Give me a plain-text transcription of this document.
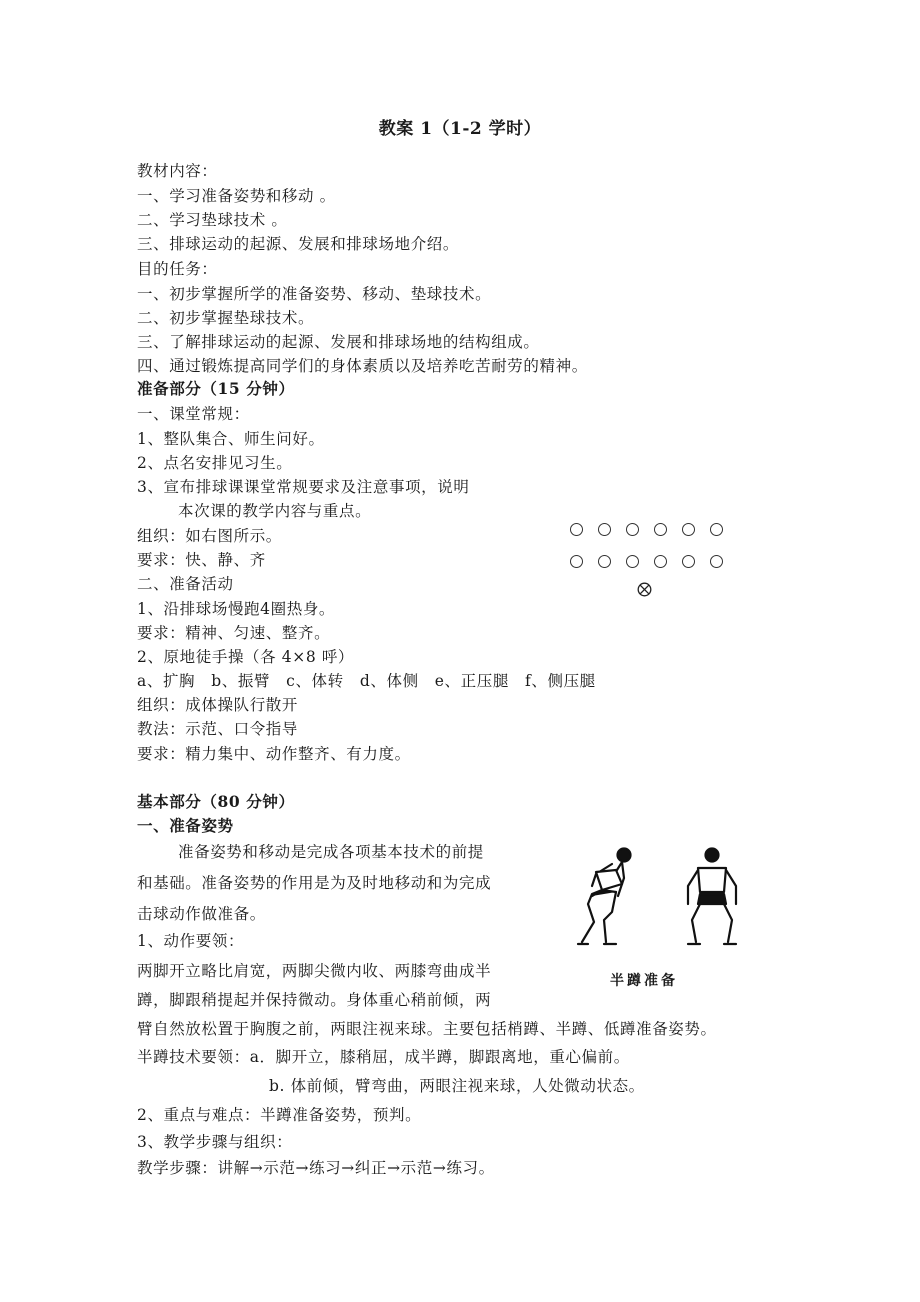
教案 1（1-2 学时）
教材内容：
一、学习准备姿势和移动 。
二、学习垫球技术 。
三、排球运动的起源、发展和排球场地介绍。
目的任务：
一、初步掌握所学的准备姿势、移动、垫球技术。
二、初步掌握垫球技术。
三、了解排球运动的起源、发展和排球场地的结构组成。
四、通过锻炼提高同学们的身体素质以及培养吃苦耐劳的精神。
准备部分（15 分钟）
一、课堂常规：
1、整队集合、师生问好。
2、点名安排见习生。
3、宣布排球课课堂常规要求及注意事项，说明
本次课的教学内容与重点。
组织：如右图所示。
要求：快、静、齐
二、准备活动
1、沿排球场慢跑4圈热身。
要求：精神、匀速、整齐。
2、原地徒手操（各 4×8 呼）
a、扩胸　b、振臂　c、体转　d、体侧　e、正压腿　f、侧压腿
组织：成体操队行散开
教法：示范、口令指导
要求：精力集中、动作整齐、有力度。
基本部分（80 分钟）
一、准备姿势
准备姿势和移动是完成各项基本技术的前提
和基础。准备姿势的作用是为及时地移动和为完成
击球动作做准备。
1、动作要领：
两脚开立略比肩宽，两脚尖微内收、两膝弯曲成半
蹲，脚跟稍提起并保持微动。身体重心稍前倾，两
臂自然放松置于胸腹之前，两眼注视来球。主要包括梢蹲、半蹲、低蹲准备姿势。
半蹲技术要领：a．脚开立，膝稍屈，成半蹲，脚跟离地，重心偏前。
b. 体前倾，臂弯曲，两眼注视来球，人处微动状态。
2、重点与难点：半蹲准备姿势，预判。
3、教学步骤与组织：
教学步骤：讲解→示范→练习→纠正→示范→练习。
半蹲准备
